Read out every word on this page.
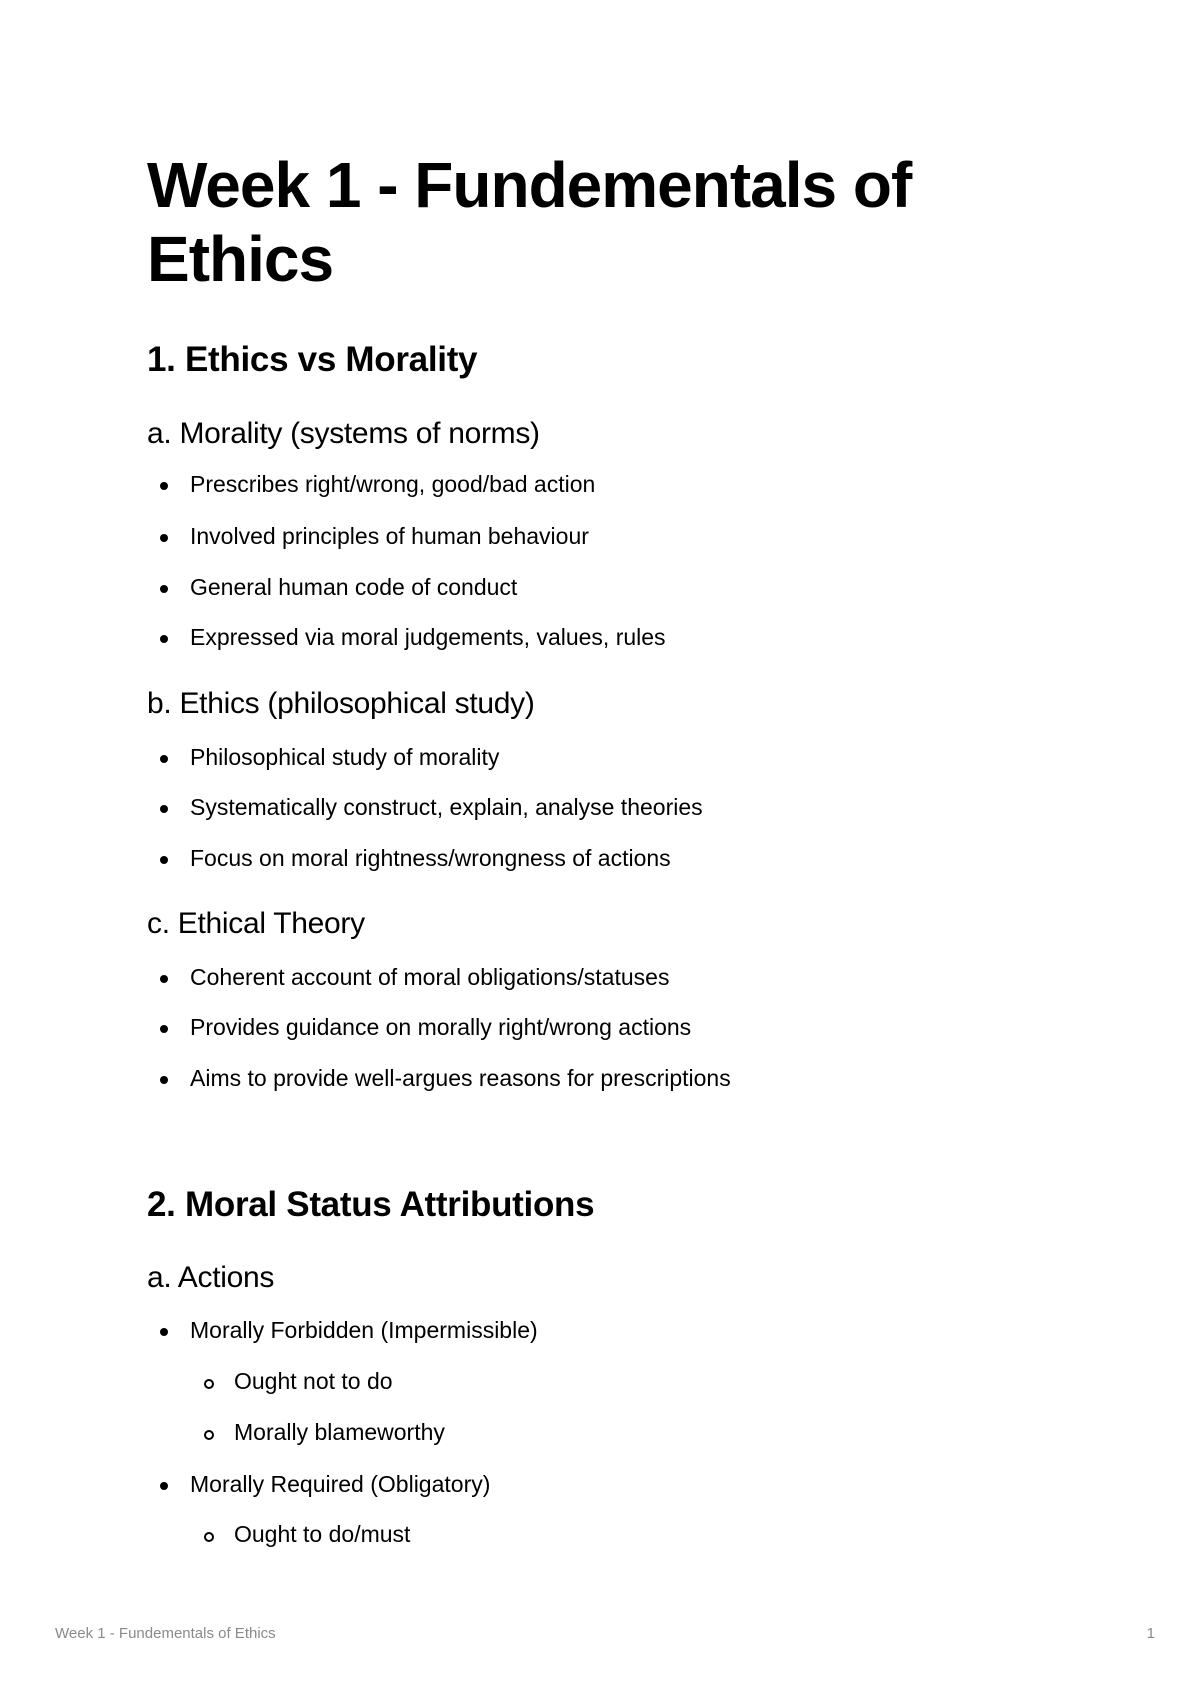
Week 1 - Fundementals of Ethics
1. Ethics vs Morality
a. Morality (systems of norms)
Prescribes right/wrong, good/bad action
Involved principles of human behaviour
General human code of conduct
Expressed via moral judgements, values, rules
b. Ethics (philosophical study)
Philosophical study of morality
Systematically construct, explain, analyse theories
Focus on moral rightness/wrongness of actions
c. Ethical Theory
Coherent account of moral obligations/statuses
Provides guidance on morally right/wrong actions
Aims to provide well-argues reasons for prescriptions
2. Moral Status Attributions
a. Actions
Morally Forbidden (Impermissible)
Ought not to do
Morally blameworthy
Morally Required (Obligatory)
Ought to do/must
Week 1 - Fundementals of Ethics	1
